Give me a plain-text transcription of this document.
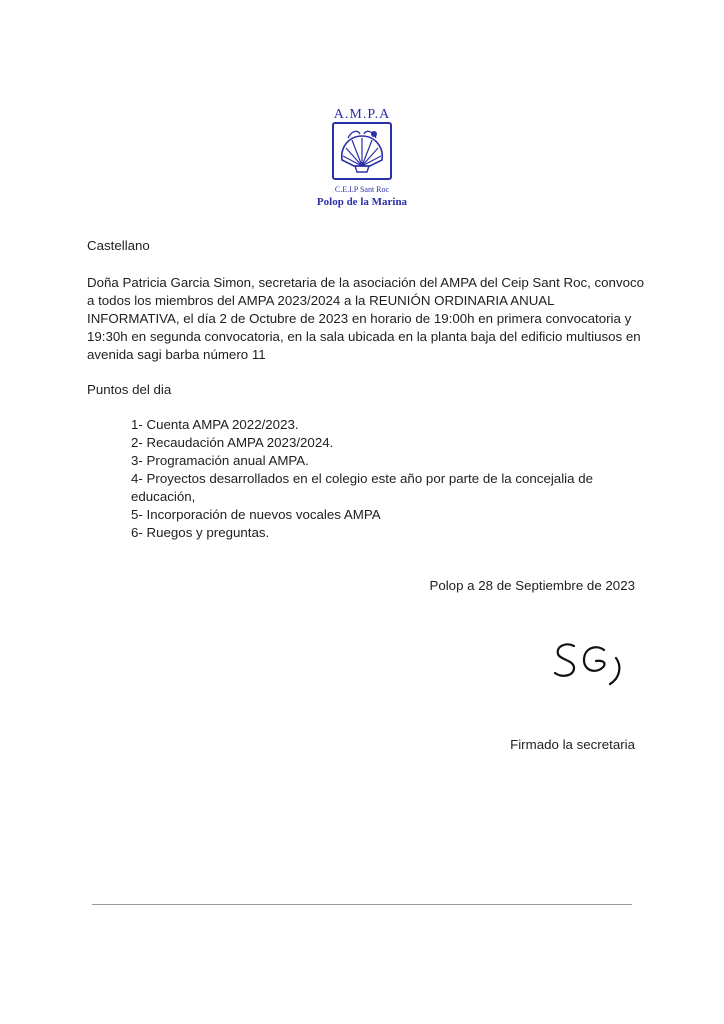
A.M.P.A
C.E.I.P Sant Roc
Polop de la Marina
Castellano
Doña Patricia Garcia Simon, secretaria de la asociación del AMPA del Ceip Sant Roc, convoco a todos los miembros del AMPA 2023/2024 a la REUNIÓN ORDINARIA ANUAL INFORMATIVA, el día 2 de Octubre de 2023 en horario de 19:00h en primera convocatoria y 19:30h en segunda convocatoria, en la sala ubicada en la planta baja del edificio multiusos en avenida sagi barba número 11
Puntos del dia
1- Cuenta AMPA 2022/2023.
2- Recaudación AMPA 2023/2024.
3- Programación anual AMPA.
4- Proyectos desarrollados en el colegio este año por parte de la concejalia de educación,
5- Incorporación de nuevos vocales AMPA
6- Ruegos y preguntas.
Polop a 28 de Septiembre de 2023
Firmado la secretaria
